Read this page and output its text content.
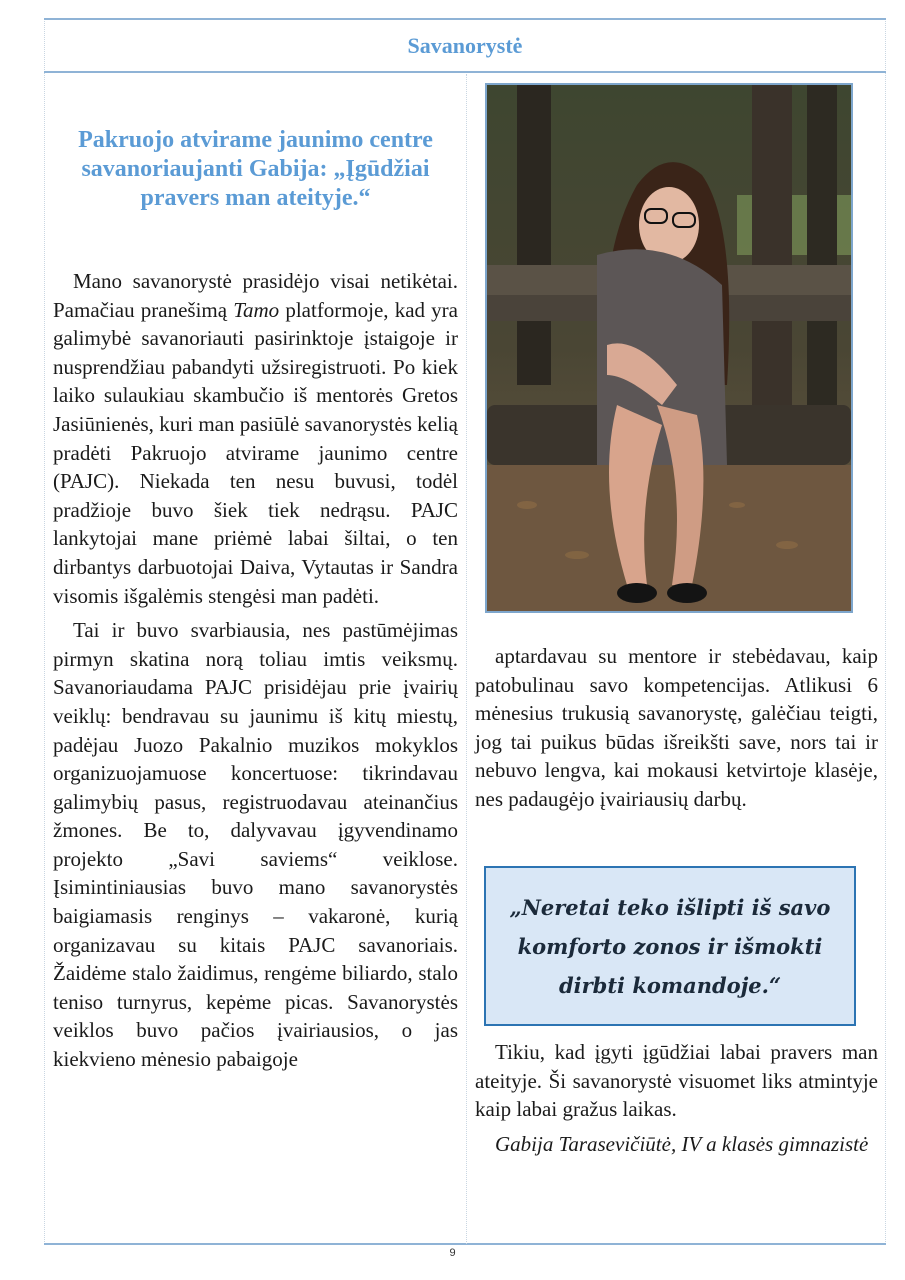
Savanorystė

Pakruojo atvirame jaunimo centre savanoriaujanti Gabija: „Įgūdžiai pravers man ateityje.“

Mano savanorystė prasidėjo visai netikėtai. Pamačiau pranešimą Tamo platformoje, kad yra galimybė savanoriauti pasirinktoje įstaigoje ir nusprendžiau pabandyti užsiregistruoti. Po kiek laiko sulaukiau skambučio iš mentorės Gretos Jasiūnienės, kuri man pasiūlė savanorystės kelią pradėti Pakruojo atvirame jaunimo centre (PAJC). Niekada ten nesu buvusi, todėl pradžioje buvo šiek tiek nedrąsu. PAJC lankytojai mane priėmė labai šiltai, o ten dirbantys darbuotojai Daiva, Vytautas ir Sandra visomis išgalėmis stengėsi man padėti.

Tai ir buvo svarbiausia, nes pastūmėjimas pirmyn skatina norą toliau imtis veiksmų. Savanoriaudama PAJC prisidėjau prie įvairių veiklų: bendravau su jaunimu iš kitų miestų, padėjau Juozo Pakalnio muzikos mokyklos organizuojamuose koncertuose: tikrindavau galimybių pasus, registruodavau ateinančius žmones. Be to, dalyvavau įgyvendinamo projekto „Savi saviems“ veiklose. Įsimintiniausias buvo mano savanorystės baigiamasis renginys – vakaronė, kurią organizavau su kitais PAJC savanoriais. Žaidėme stalo žaidimus, rengėme biliardo, stalo teniso turnyrus, kepėme picas. Savanorystės veiklos buvo pačios įvairiausios, o jas kiekvieno mėnesio pabaigoje

aptardavau su mentore ir stebėdavau, kaip patobulinau savo kompetencijas. Atlikusi 6 mėnesius trukusią savanorystę, galėčiau teigti, jog tai puikus būdas išreikšti save, nors tai ir nebuvo lengva, kai mokausi ketvirtoje klasėje, nes padaugėjo įvairiausių darbų.

„Neretai teko išlipti iš savo komforto zonos ir išmokti dirbti komandoje.“

Tikiu, kad įgyti įgūdžiai labai pravers man ateityje. Ši savanorystė visuomet liks atmintyje kaip labai gražus laikas.

Gabija Tarasevičiūtė, IV a klasės gimnazistė

9
